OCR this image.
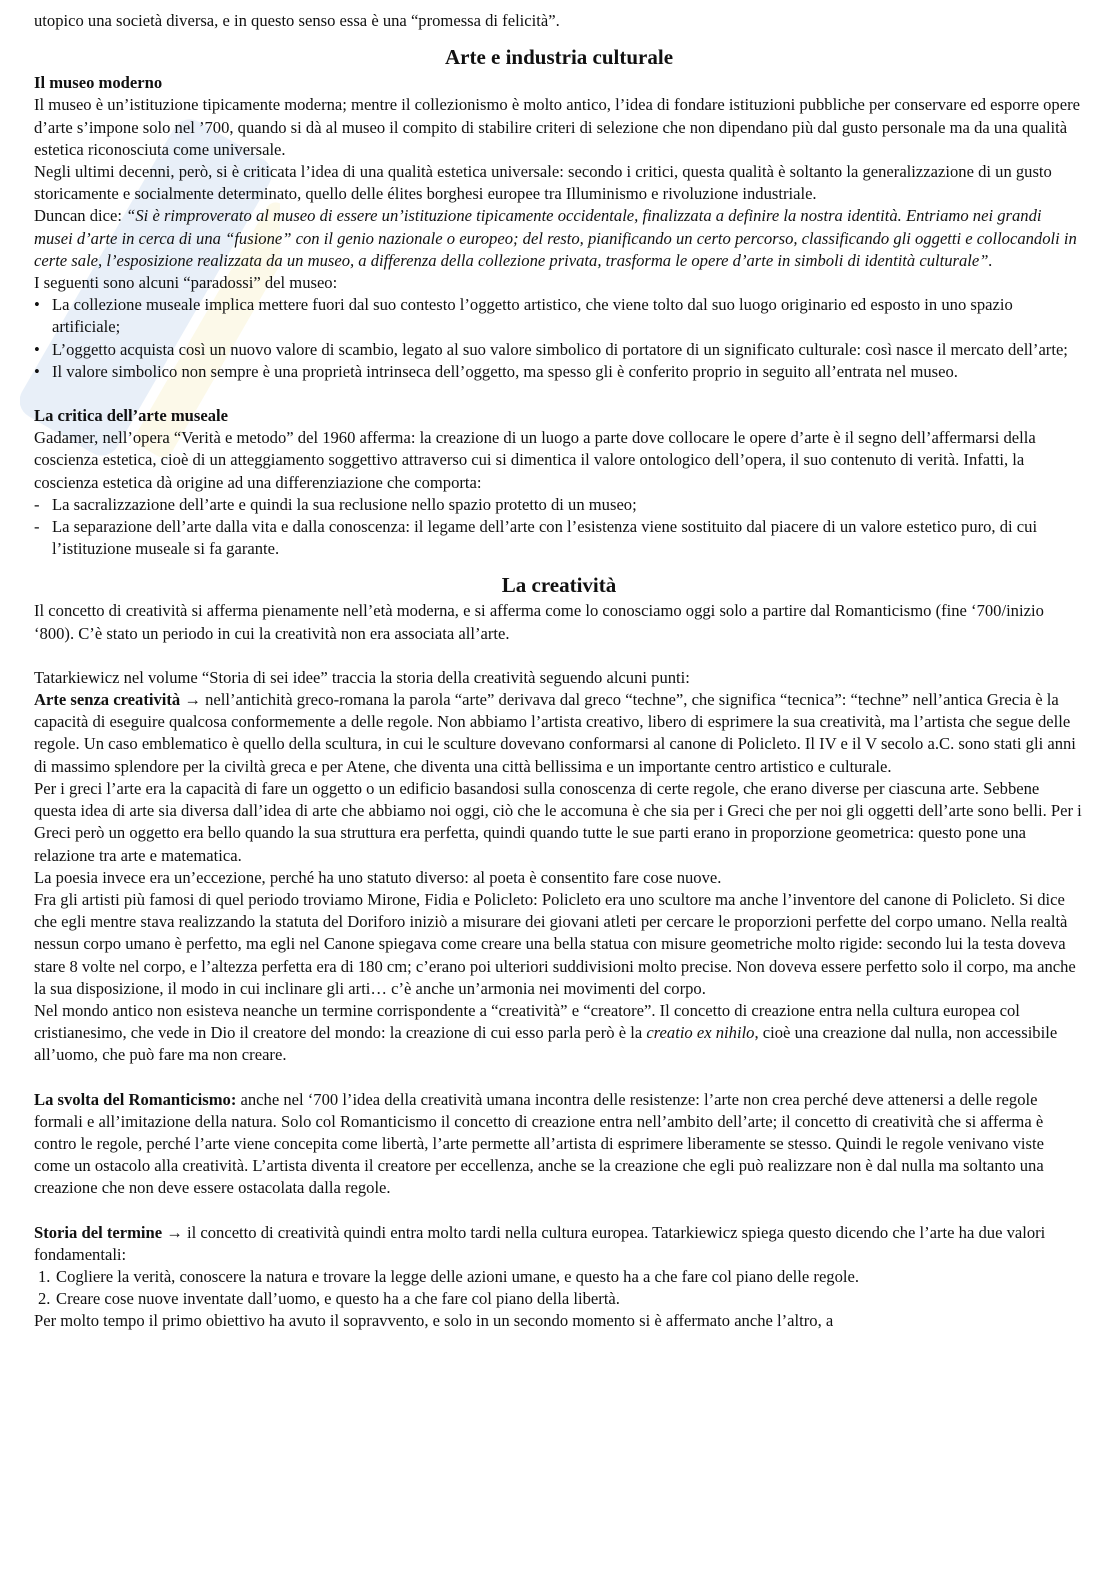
utopico una società diversa, e in questo senso essa è una “promessa di felicità”.

Arte e industria culturale

Il museo moderno

Il museo è un’istituzione tipicamente moderna; mentre il collezionismo è molto antico, l’idea di fondare istituzioni pubbliche per conservare ed esporre opere d’arte s’impone solo nel ’700, quando si dà al museo il compito di stabilire criteri di selezione che non dipendano più dal gusto personale ma da una qualità estetica riconosciuta come universale.

Negli ultimi decenni, però, si è criticata l’idea di una qualità estetica universale: secondo i critici, questa qualità è soltanto la generalizzazione di un gusto storicamente e socialmente determinato, quello delle élites borghesi europee tra Illuminismo e rivoluzione industriale.

Duncan dice: “Si è rimproverato al museo di essere un’istituzione tipicamente occidentale, finalizzata a definire la nostra identità. Entriamo nei grandi musei d’arte in cerca di una “fusione” con il genio nazionale o europeo; del resto, pianificando un certo percorso, classificando gli oggetti e collocandoli in certe sale, l’esposizione realizzata da un museo, a differenza della collezione privata, trasforma le opere d’arte in simboli di identità culturale”.

I seguenti sono alcuni “paradossi” del museo:

• La collezione museale implica mettere fuori dal suo contesto l’oggetto artistico, che viene tolto dal suo luogo originario ed esposto in uno spazio artificiale;
• L’oggetto acquista così un nuovo valore di scambio, legato al suo valore simbolico di portatore di un significato culturale: così nasce il mercato dell’arte;
• Il valore simbolico non sempre è una proprietà intrinseca dell’oggetto, ma spesso gli è conferito proprio in seguito all’entrata nel museo.

La critica dell’arte museale

Gadamer, nell’opera “Verità e metodo” del 1960 afferma: la creazione di un luogo a parte dove collocare le opere d’arte è il segno dell’affermarsi della coscienza estetica, cioè di un atteggiamento soggettivo attraverso cui si dimentica il valore ontologico dell’opera, il suo contenuto di verità. Infatti, la coscienza estetica dà origine ad una differenziazione che comporta:

- La sacralizzazione dell’arte e quindi la sua reclusione nello spazio protetto di un museo;
- La separazione dell’arte dalla vita e dalla conoscenza: il legame dell’arte con l’esistenza viene sostituito dal piacere di un valore estetico puro, di cui l’istituzione museale si fa garante.
La creatività

Il concetto di creatività si afferma pienamente nell’età moderna, e si afferma come lo conosciamo oggi solo a partire dal Romanticismo (fine ‘700/inizio ‘800). C’è stato un periodo in cui la creatività non era associata all’arte.

Tatarkiewicz nel volume “Storia di sei idee” traccia la storia della creatività seguendo alcuni punti:

Arte senza creatività → nell’antichità greco-romana la parola “arte” derivava dal greco “techne”, che significa “tecnica”: “techne” nell’antica Grecia è la capacità di eseguire qualcosa conformemente a delle regole. Non abbiamo l’artista creativo, libero di esprimere la sua creatività, ma l’artista che segue delle regole. Un caso emblematico è quello della scultura, in cui le sculture dovevano conformarsi al canone di Policleto. Il IV e il V secolo a.C. sono stati gli anni di massimo splendore per la civiltà greca e per Atene, che diventa una città bellissima e un importante centro artistico e culturale.

Per i greci l’arte era la capacità di fare un oggetto o un edificio basandosi sulla conoscenza di certe regole, che erano diverse per ciascuna arte. Sebbene questa idea di arte sia diversa dall’idea di arte che abbiamo noi oggi, ciò che le accomuna è che sia per i Greci che per noi gli oggetti dell’arte sono belli. Per i Greci però un oggetto era bello quando la sua struttura era perfetta, quindi quando tutte le sue parti erano in proporzione geometrica: questo pone una relazione tra arte e matematica.

La poesia invece era un’eccezione, perché ha uno statuto diverso: al poeta è consentito fare cose nuove.

Fra gli artisti più famosi di quel periodo troviamo Mirone, Fidia e Policleto: Policleto era uno scultore ma anche l’inventore del canone di Policleto. Si dice che egli mentre stava realizzando la statuta del Doriforo iniziò a misurare dei giovani atleti per cercare le proporzioni perfette del corpo umano. Nella realtà nessun corpo umano è perfetto, ma egli nel Canone spiegava come creare una bella statua con misure geometriche molto rigide: secondo lui la testa doveva stare 8 volte nel corpo, e l’altezza perfetta era di 180 cm; c’erano poi ulteriori suddivisioni molto precise. Non doveva essere perfetto solo il corpo, ma anche la sua disposizione, il modo in cui inclinare gli arti… c’è anche un’armonia nei movimenti del corpo.

Nel mondo antico non esisteva neanche un termine corrispondente a “creatività” e “creatore”. Il concetto di creazione entra nella cultura europea col cristianesimo, che vede in Dio il creatore del mondo: la creazione di cui esso parla però è la creatio ex nihilo, cioè una creazione dal nulla, non accessibile all’uomo, che può fare ma non creare.

La svolta del Romanticismo: anche nel ‘700 l’idea della creatività umana incontra delle resistenze: l’arte non crea perché deve attenersi a delle regole formali e all’imitazione della natura. Solo col Romanticismo il concetto di creazione entra nell’ambito dell’arte; il concetto di creatività che si afferma è contro le regole, perché l’arte viene concepita come libertà, l’arte permette all’artista di esprimere liberamente se stesso. Quindi le regole venivano viste come un ostacolo alla creatività. L’artista diventa il creatore per eccellenza, anche se la creazione che egli può realizzare non è dal nulla ma soltanto una creazione che non deve essere ostacolata dalla regole.

Storia del termine → il concetto di creatività quindi entra molto tardi nella cultura europea. Tatarkiewicz spiega questo dicendo che l’arte ha due valori fondamentali:

1. Cogliere la verità, conoscere la natura e trovare la legge delle azioni umane, e questo ha a che fare col piano delle regole.
2. Creare cose nuove inventate dall’uomo, e questo ha a che fare col piano della libertà.

Per molto tempo il primo obiettivo ha avuto il sopravvento, e solo in un secondo momento si è affermato anche l’altro, a
